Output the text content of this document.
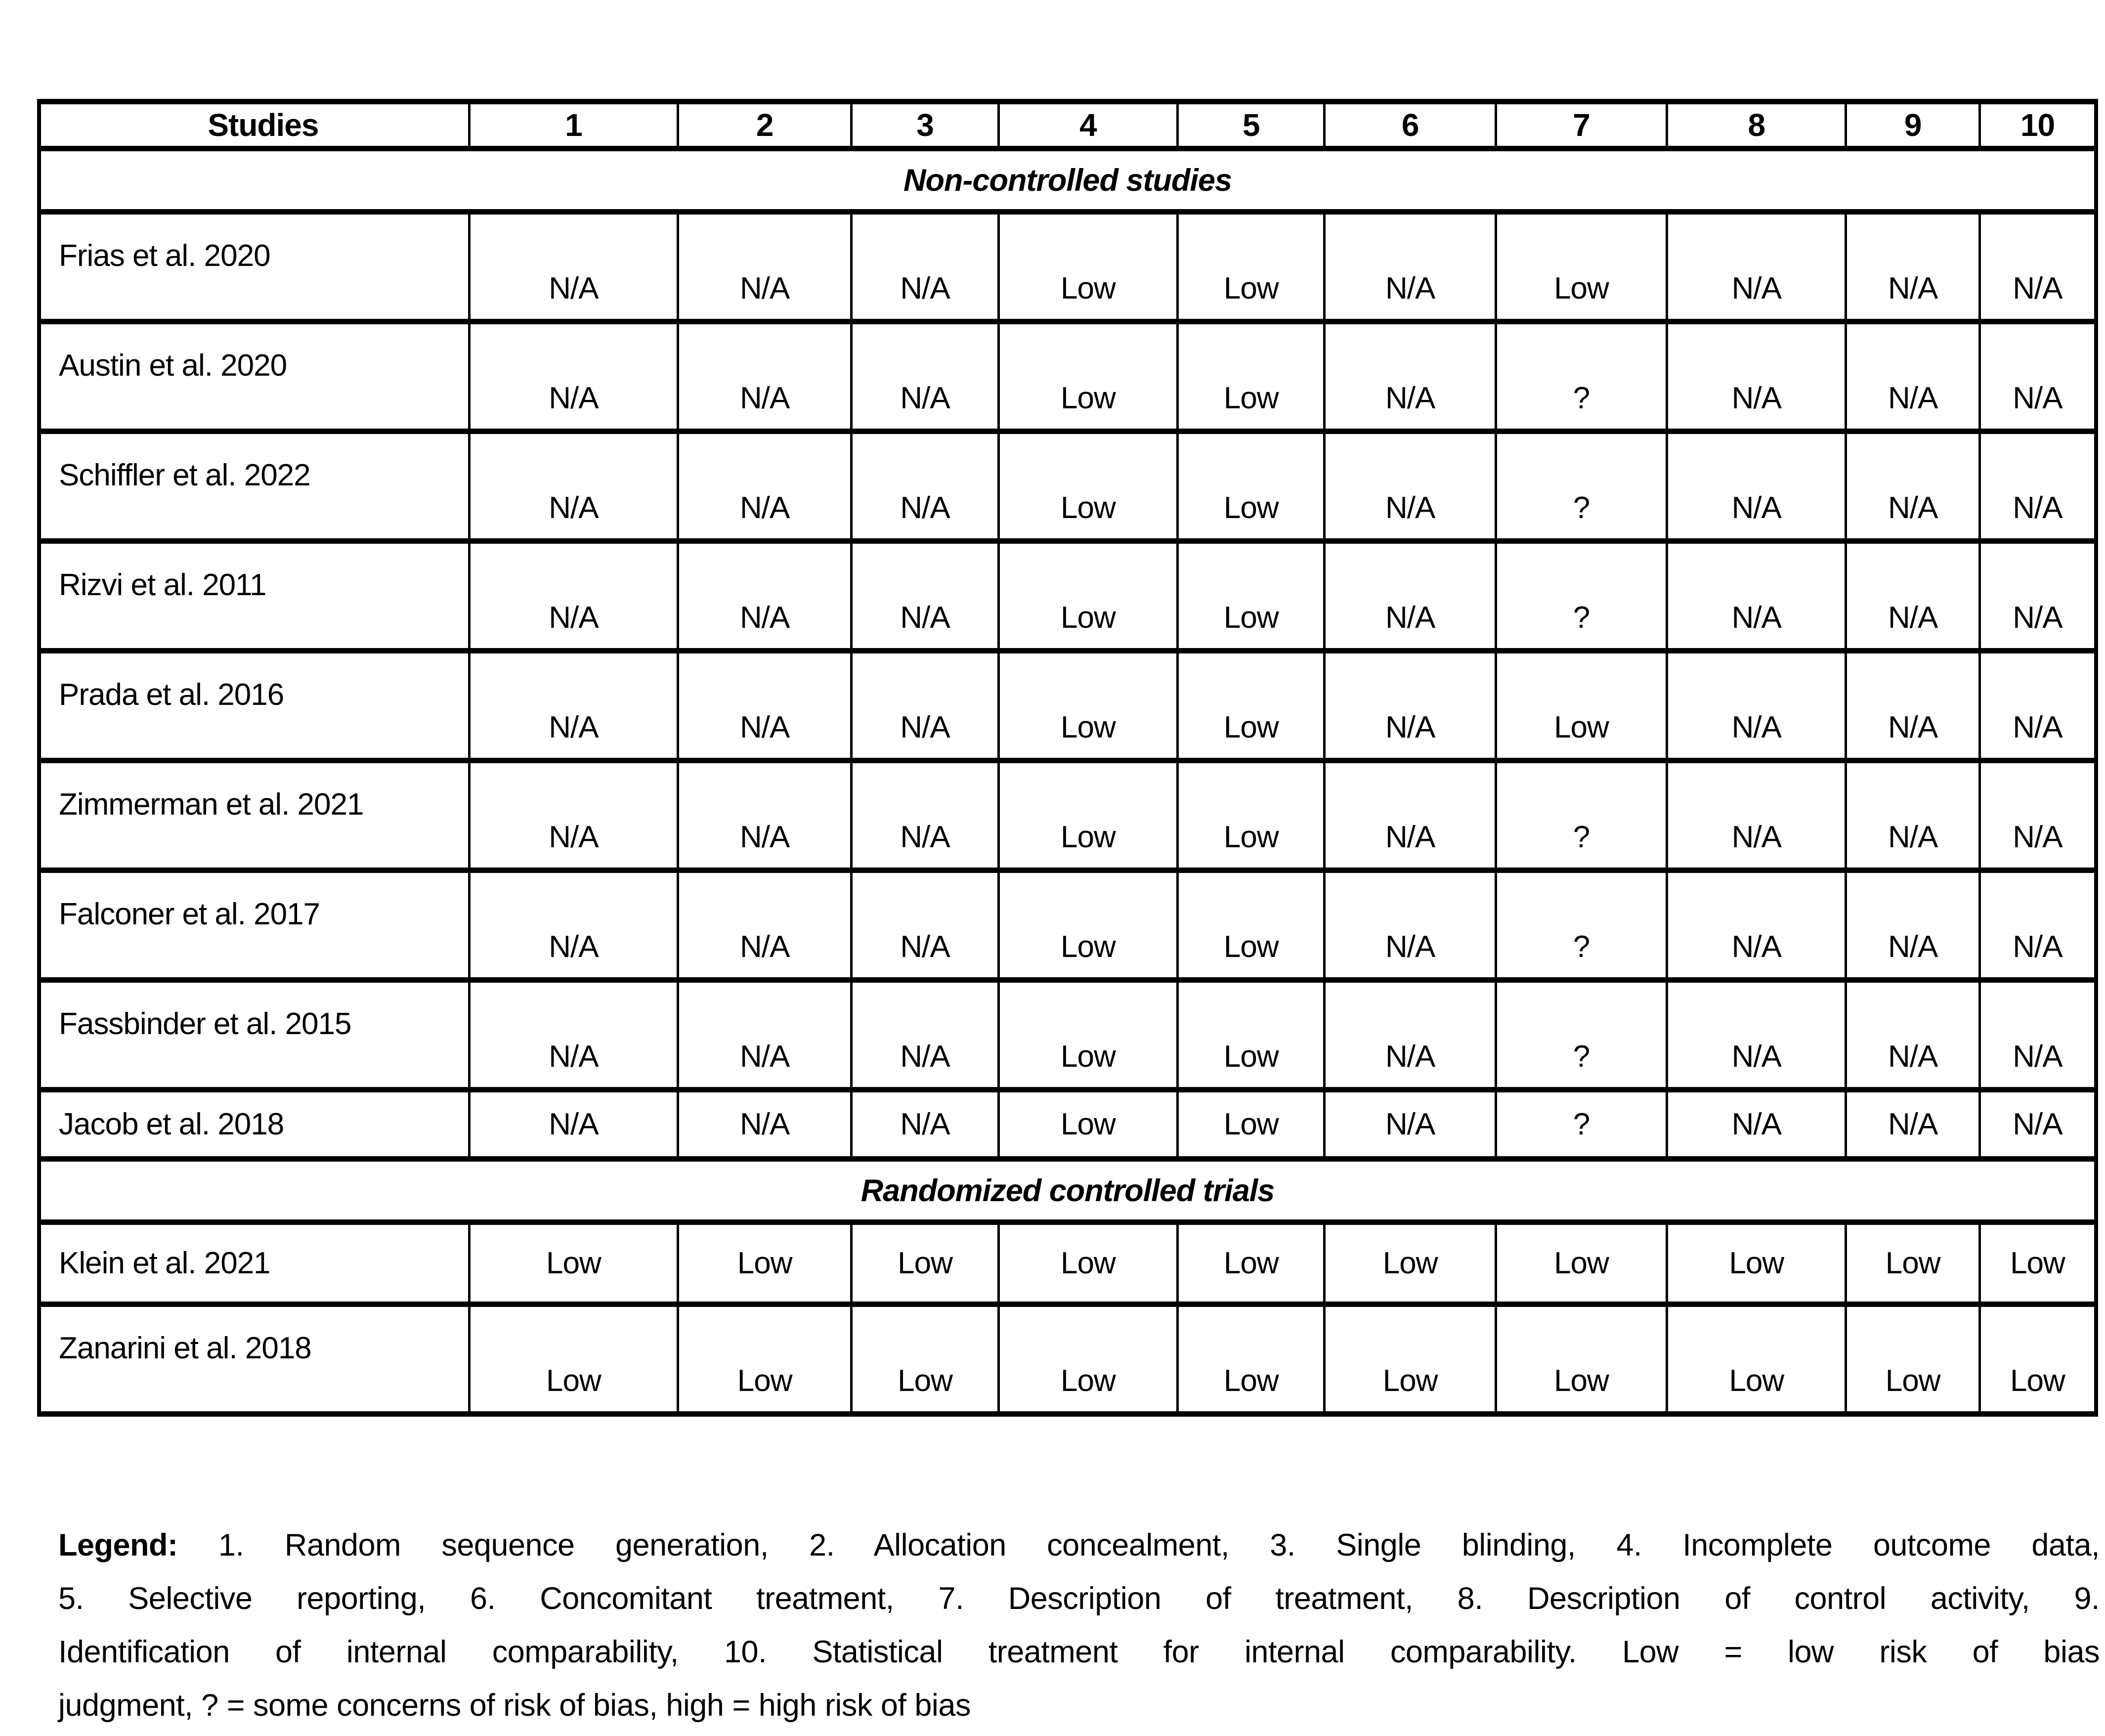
Studies	1	2	3	4	5	6	7	8	9	10
Non-controlled studies										
Frias et al. 2020	N/A	N/A	N/A	Low	Low	N/A	Low	N/A	N/A	N/A
Austin et al. 2020	N/A	N/A	N/A	Low	Low	N/A	?	N/A	N/A	N/A
Schiffler et al. 2022	N/A	N/A	N/A	Low	Low	N/A	?	N/A	N/A	N/A
Rizvi et al. 2011	N/A	N/A	N/A	Low	Low	N/A	?	N/A	N/A	N/A
Prada et al. 2016	N/A	N/A	N/A	Low	Low	N/A	Low	N/A	N/A	N/A
Zimmerman et al. 2021	N/A	N/A	N/A	Low	Low	N/A	?	N/A	N/A	N/A
Falconer et al. 2017	N/A	N/A	N/A	Low	Low	N/A	?	N/A	N/A	N/A
Fassbinder et al. 2015	N/A	N/A	N/A	Low	Low	N/A	?	N/A	N/A	N/A
Jacob et al. 2018	N/A	N/A	N/A	Low	Low	N/A	?	N/A	N/A	N/A
Randomized controlled trials										
Klein et al. 2021	Low	Low	Low	Low	Low	Low	Low	Low	Low	Low
Zanarini et al. 2018	Low	Low	Low	Low	Low	Low	Low	Low	Low	Low
Legend: 1. Random sequence generation, 2. Allocation concealment, 3. Single blinding, 4. Incomplete outcome data,
5. Selective reporting, 6. Concomitant treatment, 7. Description of treatment, 8. Description of control activity, 9.
Identification of internal comparability, 10. Statistical treatment for internal comparability. Low = low risk of bias
judgment, ? = some concerns of risk of bias, high = high risk of bias
